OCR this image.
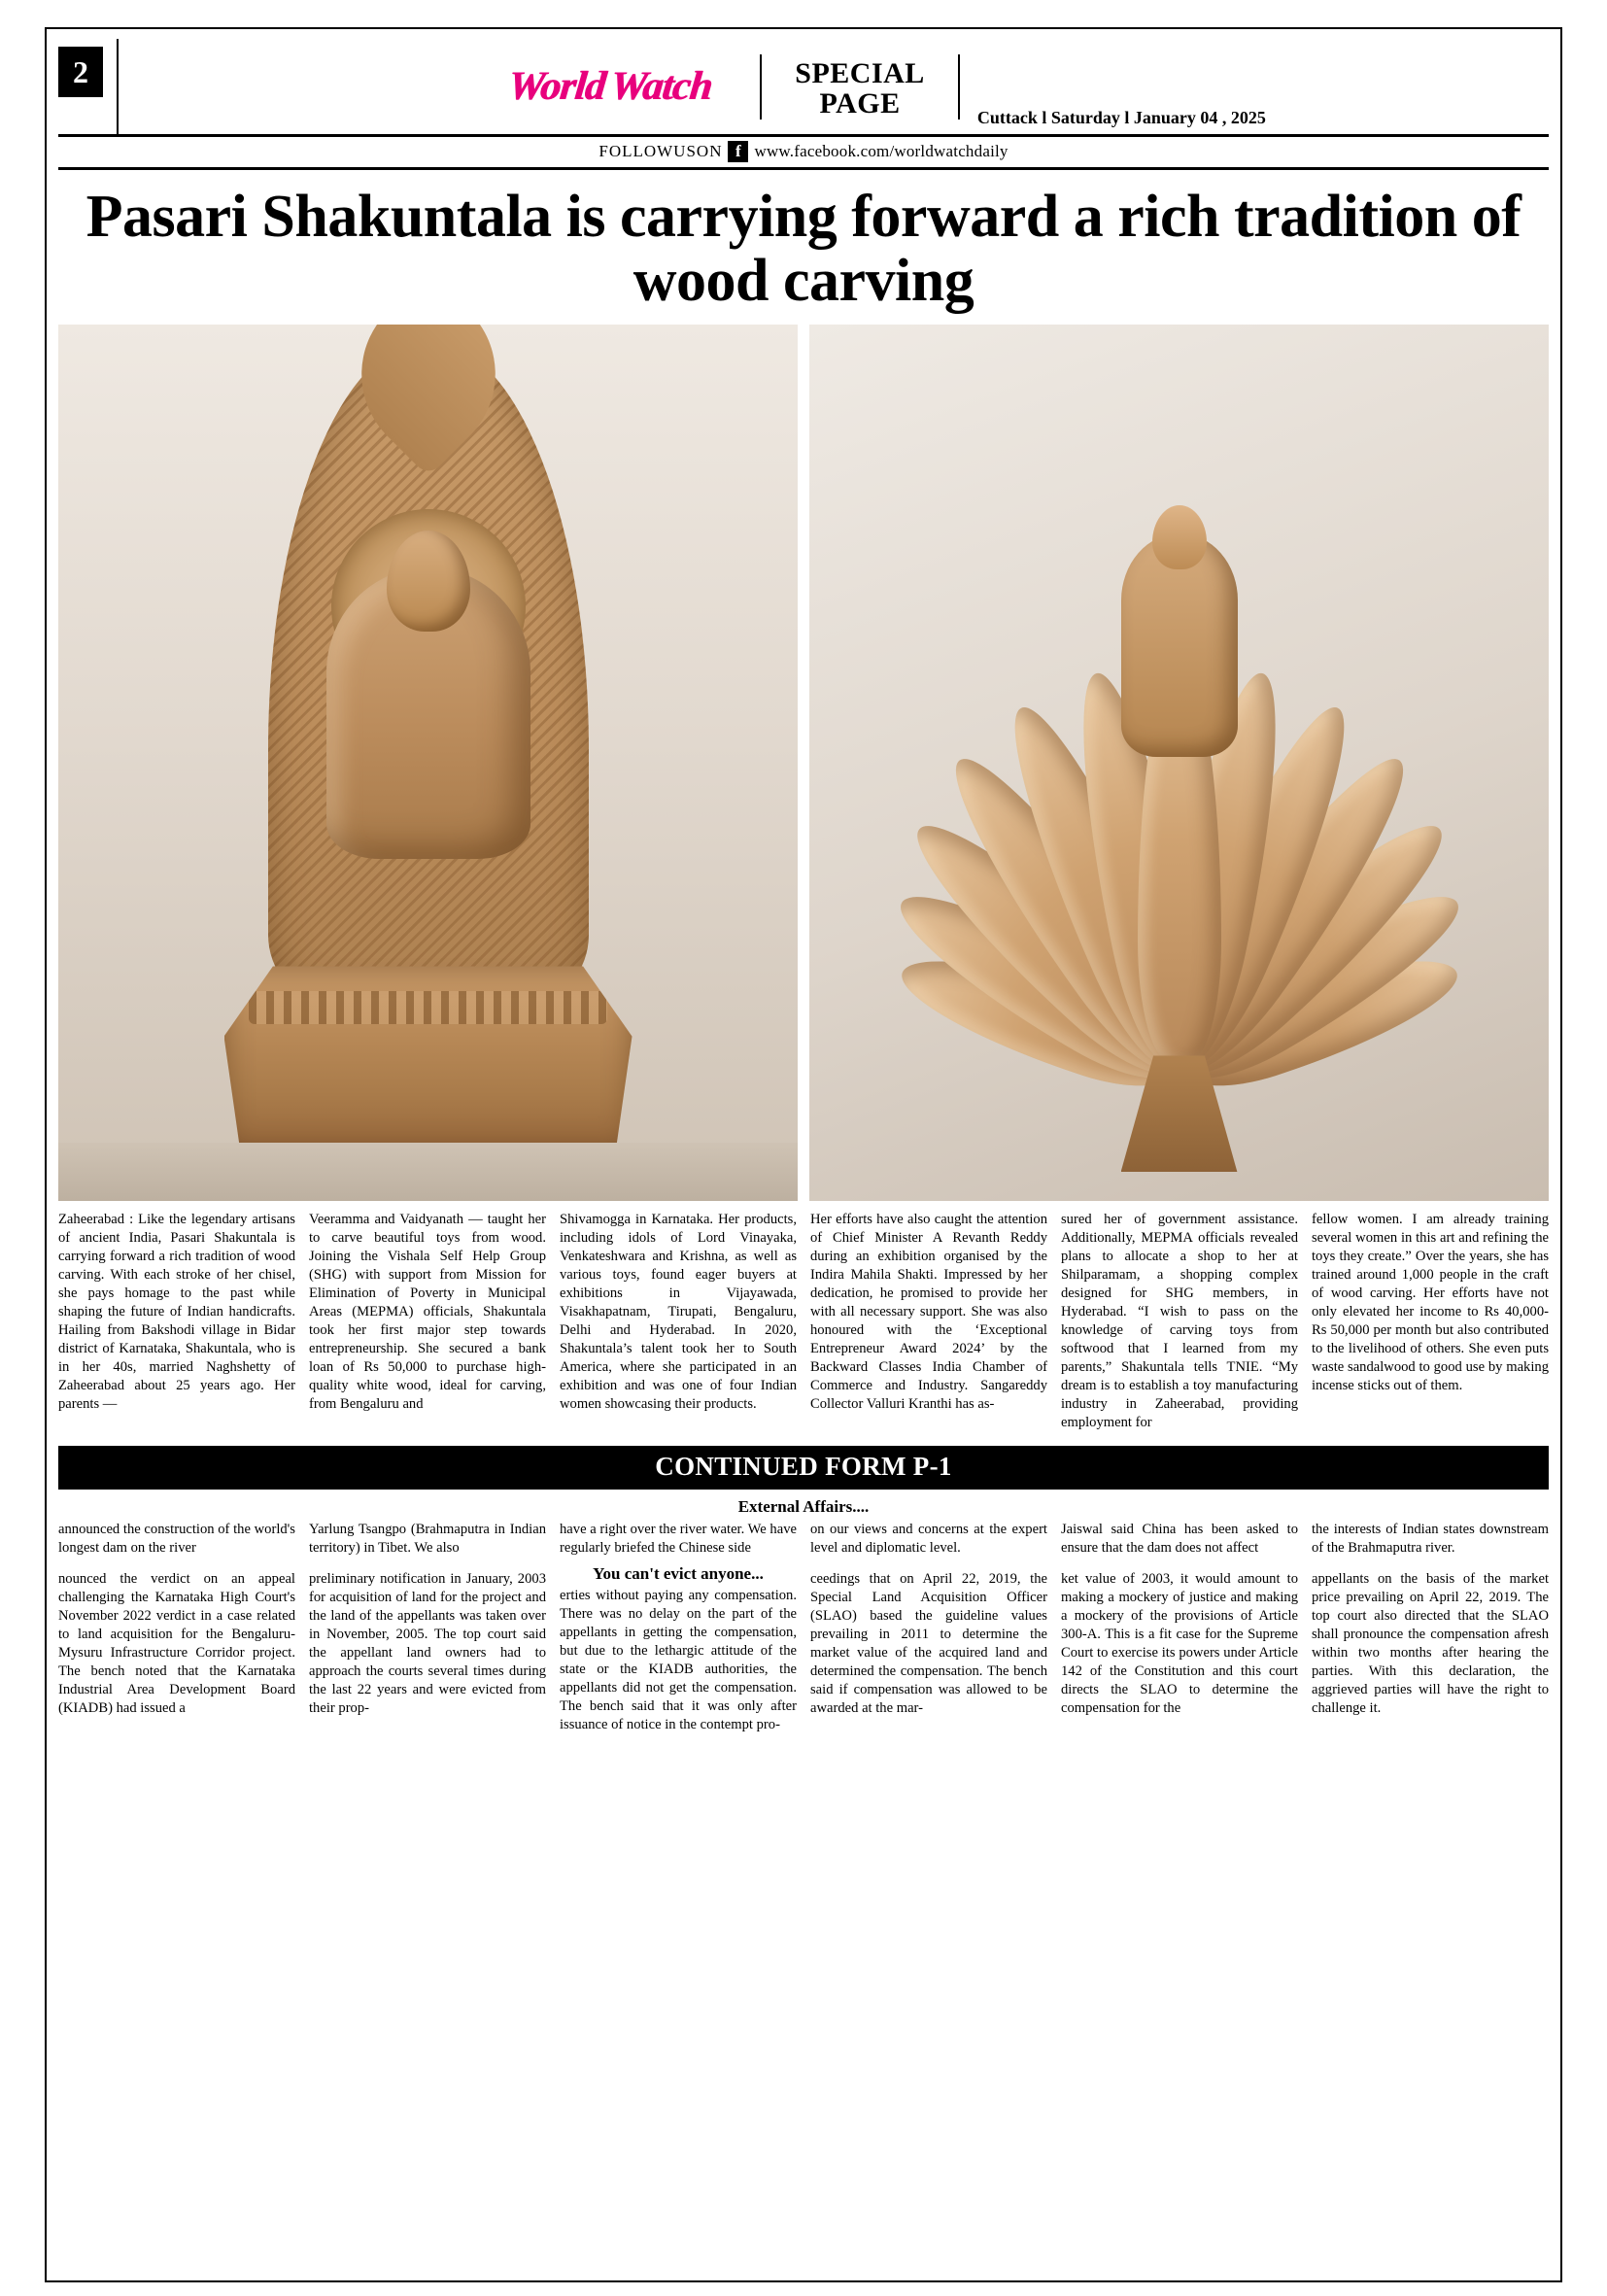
2	WorldWatch	SPECIAL
PAGE	Cuttack l Saturday l January 04 , 2025
FOLLOWUSON f www.facebook.com/worldwatchdaily
Pasari Shakuntala is carrying forward a rich tradition of wood carving

Zaheerabad : Like the legendary artisans of ancient India, Pasari Shakuntala is carrying forward a rich tradition of wood carving. With each stroke of her chisel, she pays homage to the past while shaping the future of Indian handicrafts. Hailing from Bakshodi village in Bidar district of Karnataka, Shakuntala, who is in her 40s, married Naghshetty of Zaheerabad about 25 years ago. Her parents —

Veeramma and Vaidyanath — taught her to carve beautiful toys from wood. Joining the Vishala Self Help Group (SHG) with support from Mission for Elimination of Poverty in Municipal Areas (MEPMA) officials, Shakuntala took her first major step towards entrepreneurship. She secured a bank loan of Rs 50,000 to purchase high-quality white wood, ideal for carving, from Bengaluru and

Shivamogga in Karnataka. Her products, including idols of Lord Vinayaka, Venkateshwara and Krishna, as well as various toys, found eager buyers at exhibitions in Vijayawada, Visakhapatnam, Tirupati, Bengaluru, Delhi and Hyderabad. In 2020, Shakuntala’s talent took her to South America, where she participated in an exhibition and was one of four Indian women showcasing their products.

Her efforts have also caught the attention of Chief Minister A Revanth Reddy during an exhibition organised by the Indira Mahila Shakti. Impressed by her dedication, he promised to provide her with all necessary support. She was also honoured with the ‘Exceptional Entrepreneur Award 2024’ by the Backward Classes India Chamber of Commerce and Industry. Sangareddy Collector Valluri Kranthi has as-

sured her of government assistance. Additionally, MEPMA officials revealed plans to allocate a shop to her at Shilparamam, a shopping complex designed for SHG members, in Hyderabad. “I wish to pass on the knowledge of carving toys from softwood that I learned from my parents,” Shakuntala tells TNIE. “My dream is to establish a toy manufacturing industry in Zaheerabad, providing employment for

fellow women. I am already training several women in this art and refining the toys they create.” Over the years, she has trained around 1,000 people in the craft of wood carving. Her efforts have not only elevated her income to Rs 40,000-Rs 50,000 per month but also contributed to the livelihood of others. She even puts waste sandalwood to good use by making incense sticks out of them.

CONTINUED FORM P-1
External Affairs....

announced the construction of the world's longest dam on the river

nounced the verdict on an appeal challenging the Karnataka High Court's November 2022 verdict in a case related to land acquisition for the Bengaluru-Mysuru Infrastructure Corridor project. The bench noted that the Karnataka Industrial Area Development Board (KIADB) had issued a

Yarlung Tsangpo (Brahmaputra in Indian territory) in Tibet. We also

preliminary notification in January, 2003 for acquisition of land for the project and the land of the appellants was taken over in November, 2005. The top court said the appellant land owners had to approach the courts several times during the last 22 years and were evicted from their prop-

have a right over the river water. We have regularly briefed the Chinese side

You can't evict anyone...

erties without paying any compensation. There was no delay on the part of the appellants in getting the compensation, but due to the lethargic attitude of the state or the KIADB authorities, the appellants did not get the compensation. The bench said that it was only after issuance of notice in the contempt pro-

on our views and concerns at the expert level and diplomatic level.

ceedings that on April 22, 2019, the Special Land Acquisition Officer (SLAO) based the guideline values prevailing in 2011 to determine the market value of the acquired land and determined the compensation. The bench said if compensation was allowed to be awarded at the mar-

Jaiswal said China has been asked to ensure that the dam does not affect

ket value of 2003, it would amount to making a mockery of justice and making a mockery of the provisions of Article 300-A. This is a fit case for the Supreme Court to exercise its powers under Article 142 of the Constitution and this court directs the SLAO to determine the compensation for the

the interests of Indian states downstream of the Brahmaputra river.

appellants on the basis of the market price prevailing on April 22, 2019. The top court also directed that the SLAO shall pronounce the compensation afresh within two months after hearing the parties. With this declaration, the aggrieved parties will have the right to challenge it.
